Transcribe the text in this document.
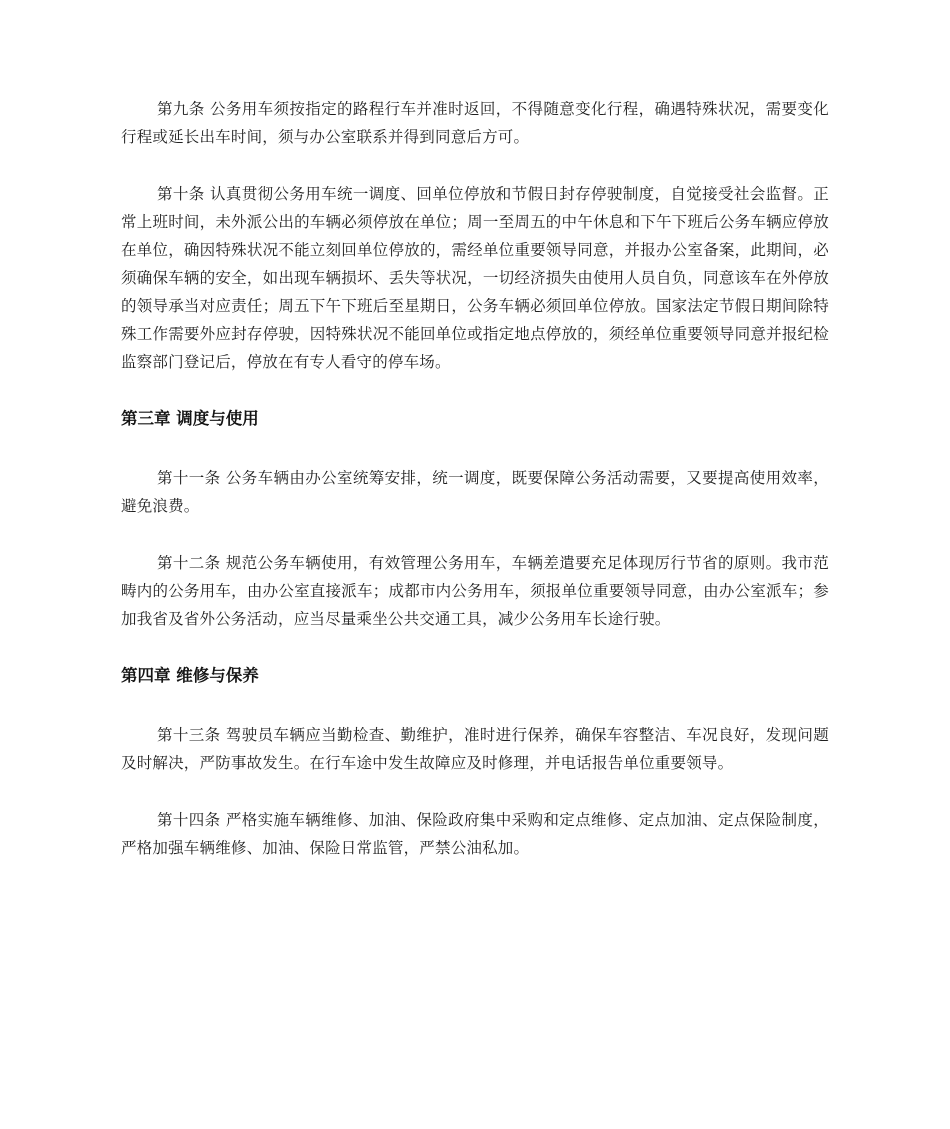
第九条 公务用车须按指定的路程行车并准时返回，不得随意变化行程，确遇特殊状况，需要变化行程或延长出车时间，须与办公室联系并得到同意后方可。

第十条 认真贯彻公务用车统一调度、回单位停放和节假日封存停驶制度，自觉接受社会监督。正常上班时间，未外派公出的车辆必须停放在单位；周一至周五的中午休息和下午下班后公务车辆应停放在单位，确因特殊状况不能立刻回单位停放的，需经单位重要领导同意，并报办公室备案，此期间，必须确保车辆的安全，如出现车辆损坏、丢失等状况，一切经济损失由使用人员自负，同意该车在外停放的领导承当对应责任；周五下午下班后至星期日，公务车辆必须回单位停放。国家法定节假日期间除特殊工作需要外应封存停驶，因特殊状况不能回单位或指定地点停放的，须经单位重要领导同意并报纪检监察部门登记后，停放在有专人看守的停车场。

第三章 调度与使用

第十一条 公务车辆由办公室统筹安排，统一调度，既要保障公务活动需要，又要提高使用效率，避免浪费。

第十二条 规范公务车辆使用，有效管理公务用车，车辆差遣要充足体现厉行节省的原则。我市范畴内的公务用车，由办公室直接派车；成都市内公务用车，须报单位重要领导同意，由办公室派车；参加我省及省外公务活动，应当尽量乘坐公共交通工具，减少公务用车长途行驶。

第四章 维修与保养

第十三条 驾驶员车辆应当勤检查、勤维护，准时进行保养，确保车容整洁、车况良好，发现问题及时解决，严防事故发生。在行车途中发生故障应及时修理，并电话报告单位重要领导。

第十四条 严格实施车辆维修、加油、保险政府集中采购和定点维修、定点加油、定点保险制度，严格加强车辆维修、加油、保险日常监管，严禁公油私加。
